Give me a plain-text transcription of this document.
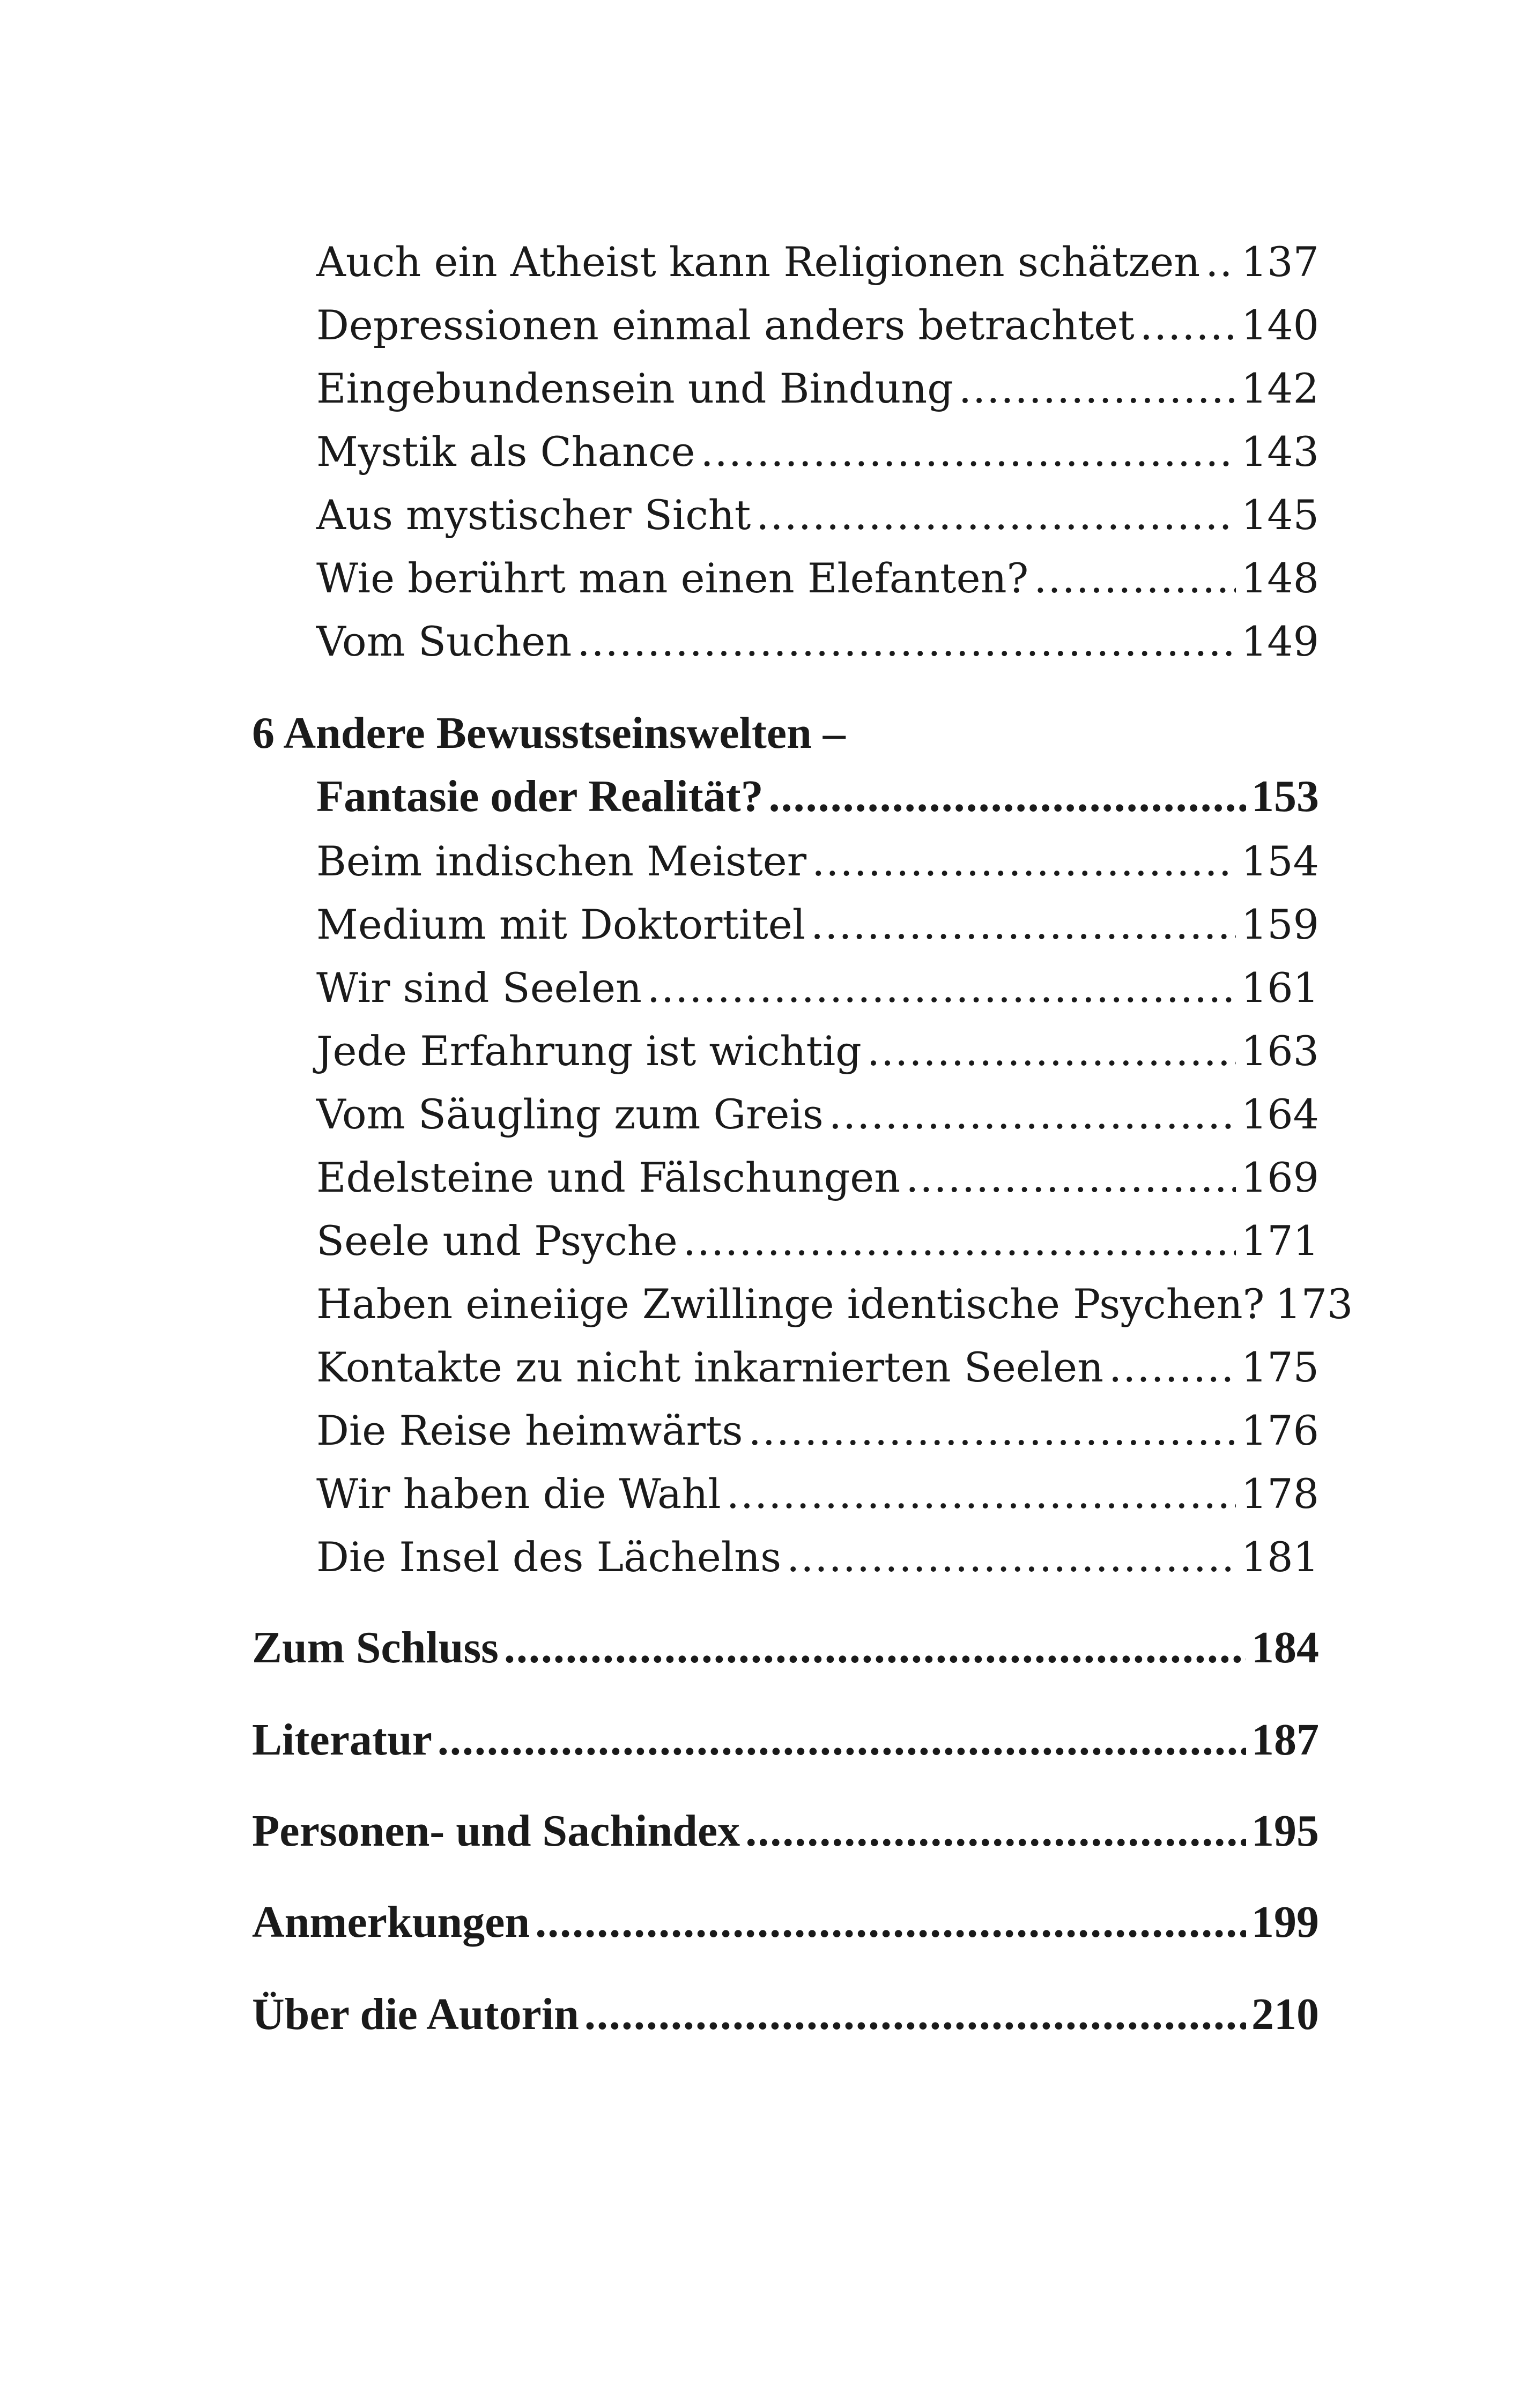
Auch ein Atheist kann Religionen schätzen ..... 137
Depressionen einmal anders betrachtet .....	140
Eingebundensein und Bindung .....	142
Mystik als Chance .....	143
Aus mystischer Sicht .....	145
Wie berührt man einen Elefanten? .....	148
Vom Suchen .....	149
6 Andere Bewusstseinswelten –
Fantasie oder Realität? .....	153
Beim indischen Meister .....	154
Medium mit Doktortitel .....	159
Wir sind Seelen .....	161
Jede Erfahrung ist wichtig .....	163
Vom Säugling zum Greis .....	164
Edelsteine und Fälschungen .....	169
Seele und Psyche .....	171
Haben eineiige Zwillinge identische Psychen? 173
Kontakte zu nicht inkarnierten Seelen .....	175
Die Reise heimwärts .....	176
Wir haben die Wahl .....	178
Die Insel des Lächelns .....	181
Zum Schluss .....	184
Literatur .....	187
Personen- und Sachindex .....	195
Anmerkungen .....	199
Über die Autorin .....	210
